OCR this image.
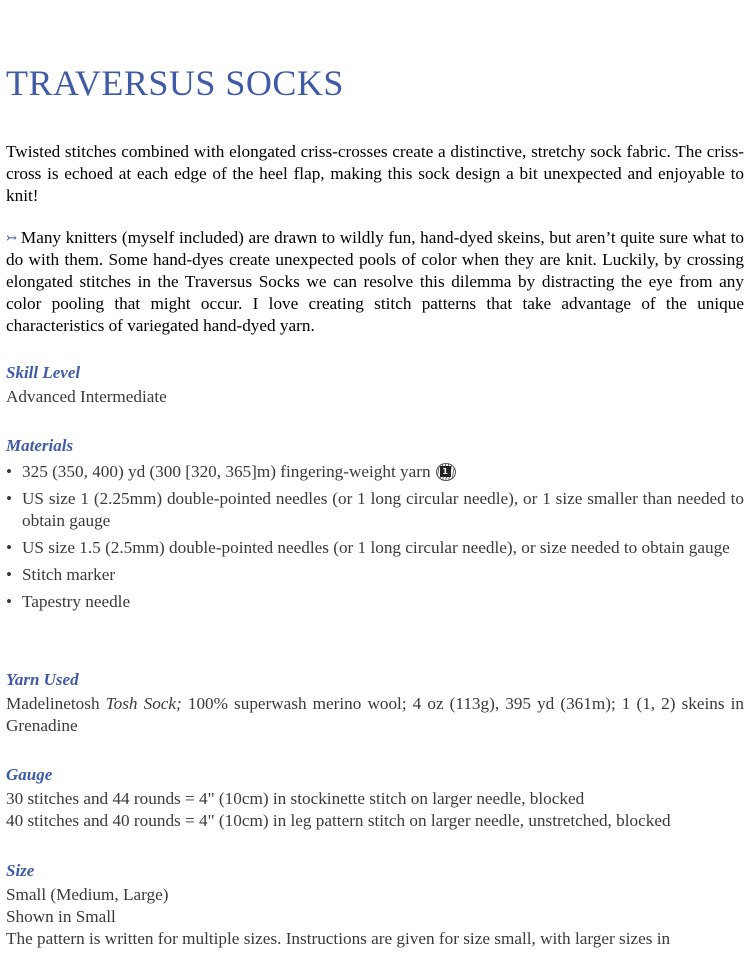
TRAVERSUS SOCKS

Twisted stitches combined with elongated criss-crosses create a distinctive, stretchy sock fabric. The criss-cross is echoed at each edge of the heel flap, making this sock design a bit unexpected and enjoyable to knit!

↣ Many knitters (myself included) are drawn to wildly fun, hand-dyed skeins, but aren’t quite sure what to do with them. Some hand-dyes create unexpected pools of color when they are knit. Luckily, by crossing elongated stitches in the Traversus Socks we can resolve this dilemma by distracting the eye from any color pooling that might occur. I love creating stitch patterns that take advantage of the unique characteristics of variegated hand-dyed yarn.

Skill Level
Advanced Intermediate
Materials
• 325 (350, 400) yd (300 [320, 365]m) fingering-weight yarn	1
• US size 1 (2.25mm) double-pointed needles (or 1 long circular needle), or 1 size smaller than needed to obtain gauge
• US size 1.5 (2.5mm) double-pointed needles (or 1 long circular needle), or size needed to obtain gauge
• Stitch marker
• Tapestry needle
Yarn Used
Madelinetosh Tosh Sock; 100% superwash merino wool; 4 oz (113g), 395 yd (361m); 1 (1, 2) skeins in Grenadine
Gauge
30 stitches and 44 rounds = 4" (10cm) in stockinette stitch on larger needle, blocked
40 stitches and 40 rounds = 4" (10cm) in leg pattern stitch on larger needle, unstretched, blocked
Size
Small (Medium, Large)
Shown in Small
The pattern is written for multiple sizes. Instructions are given for size small, with larger sizes in
